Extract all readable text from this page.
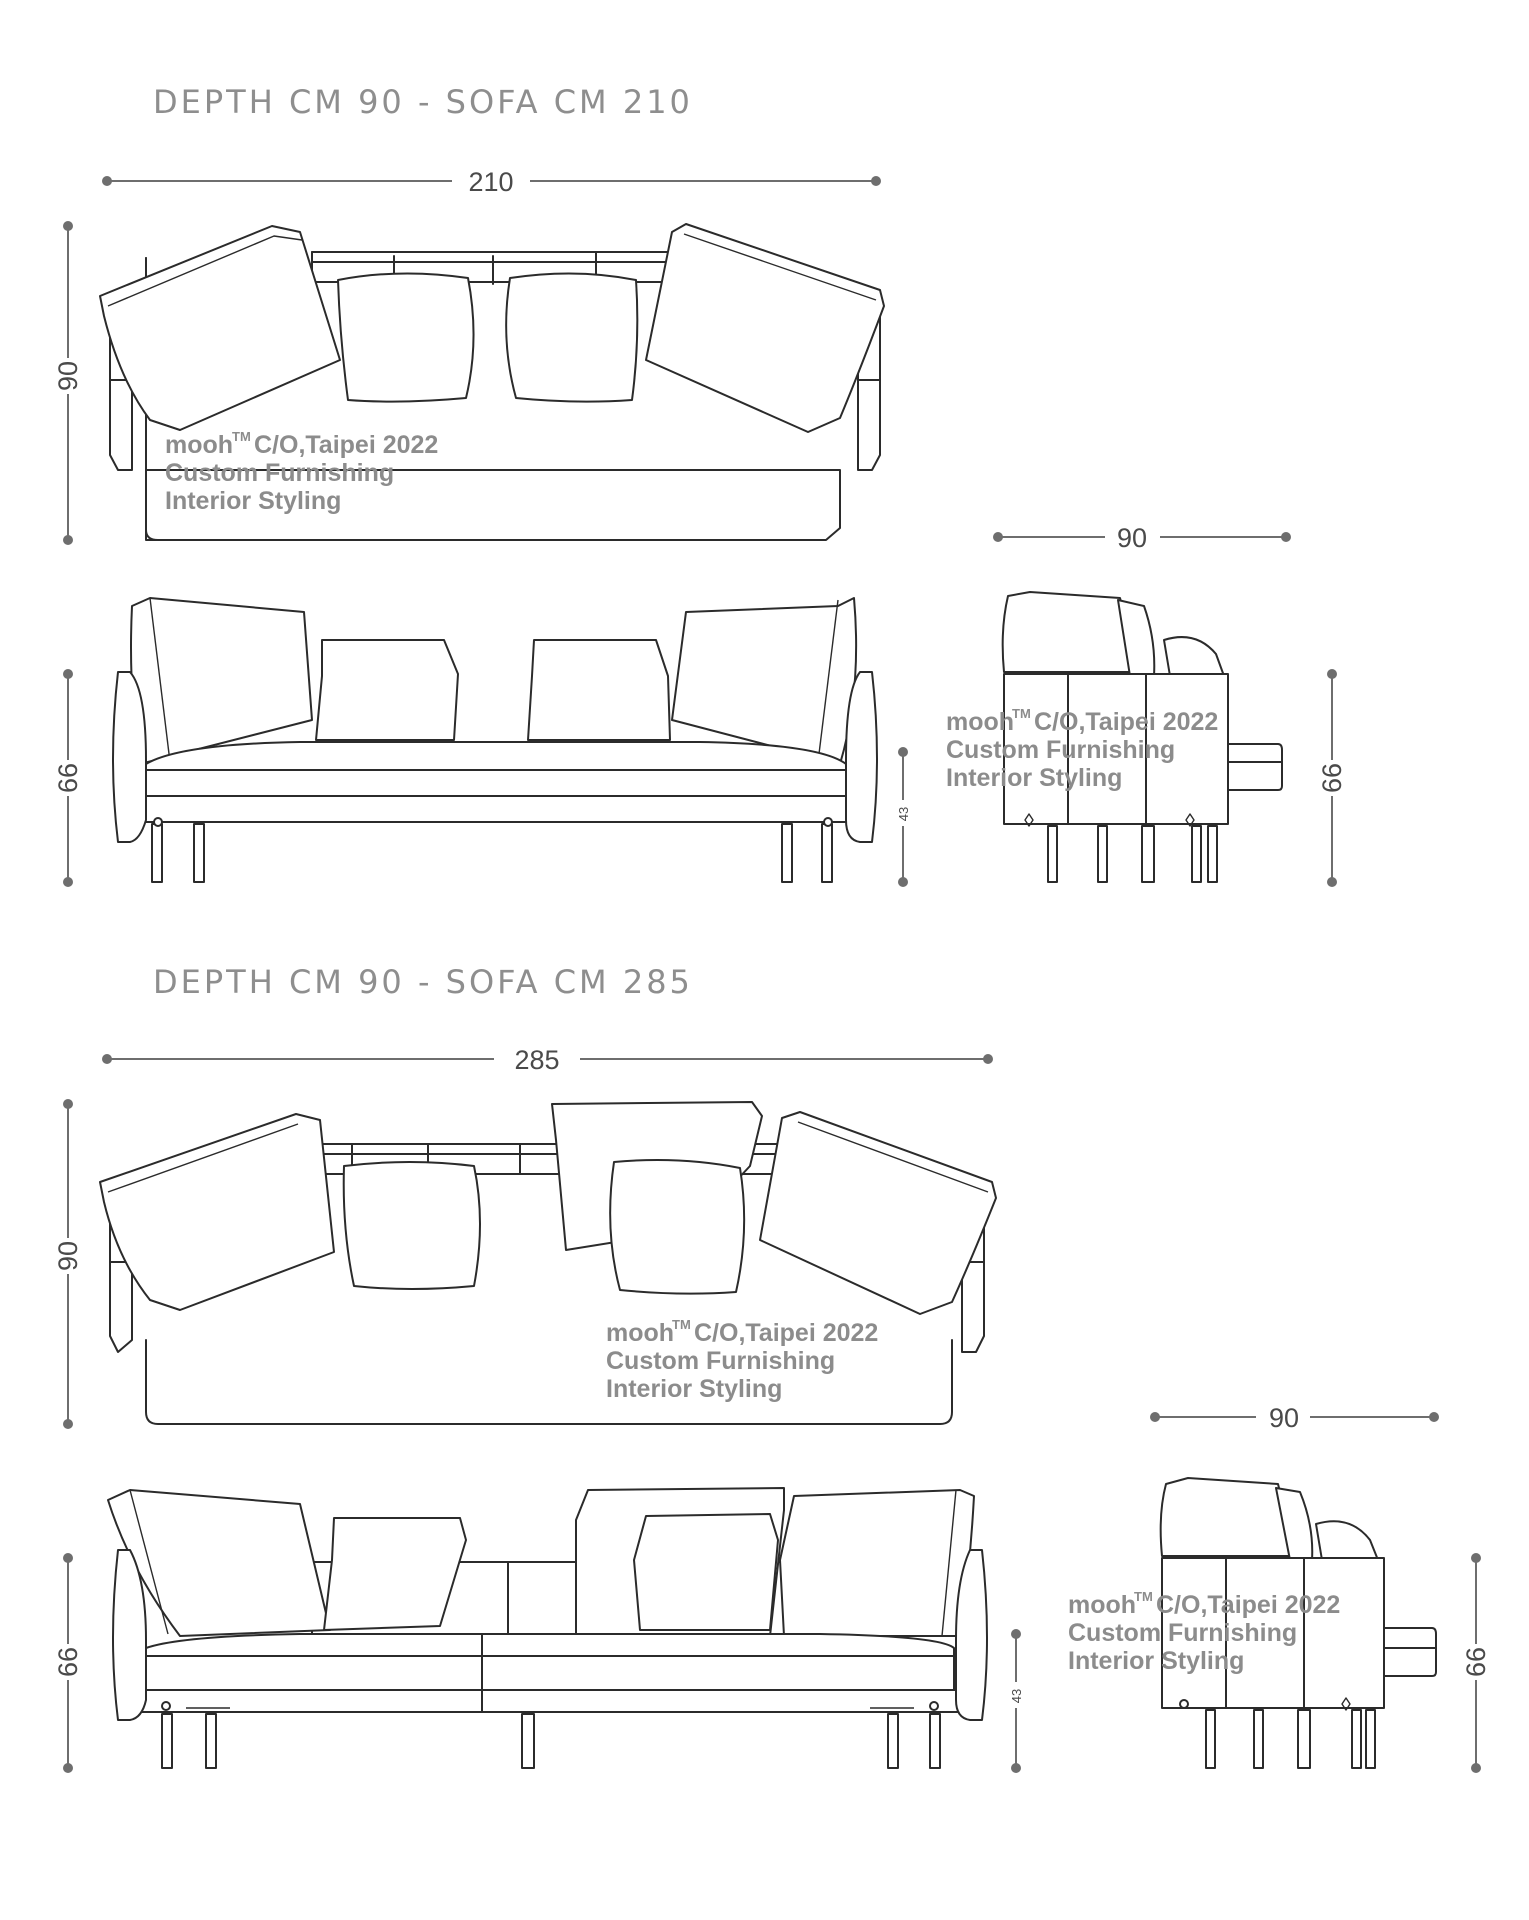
DEPTH CM 90 - SOFA CM 210
210
90
mooh
TM C/O,Taipei 2022
Custom Furnishing
Interior Styling
66
43
90
mooh
TM C/O,Taipei 2022
Custom Furnishing
Interior Styling	66
DEPTH CM 90 - SOFA CM 285
285
90
mooh
TM C/O,Taipei 2022
Custom Furnishing
Interior Styling
66
43
90
mooh
TM C/O,Taipei 2022
Custom Furnishing
Interior Styling	66
